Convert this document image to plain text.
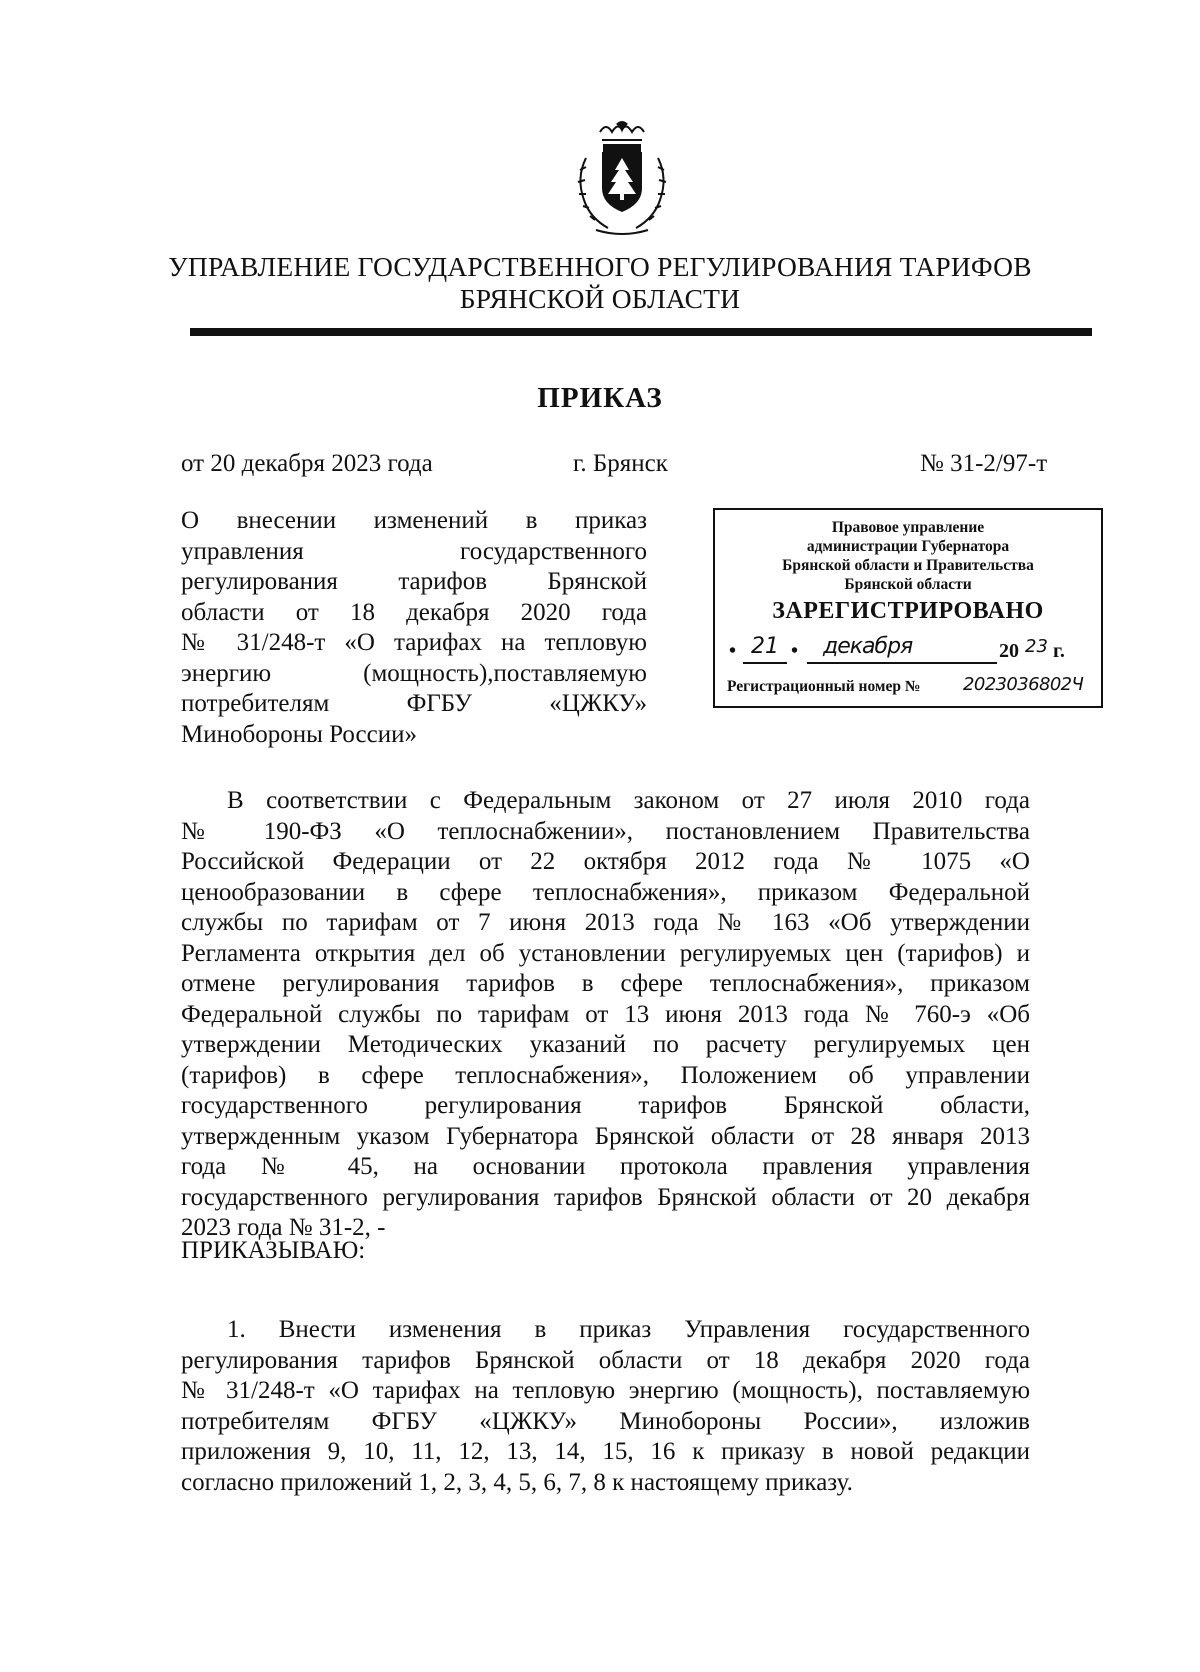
УПРАВЛЕНИЕ ГОСУДАРСТВЕННОГО РЕГУЛИРОВАНИЯ ТАРИФОВ
БРЯНСКОЙ ОБЛАСТИ
ПРИКАЗ
от 20 декабря 2023 года	г. Брянск	№ 31-2/97-т
О внесении изменений в приказ
управления государственного
регулирования тарифов Брянской
области от 18 декабря 2020 года
№ 31/248-т «О тарифах на тепловую
энергию (мощность),поставляемую
потребителям ФГБУ «ЦЖКУ»
Минобороны России»
Правовое управление
администрации Губернатора
Брянской области и Правительства
Брянской области
ЗАРЕГИСТРИРОВАНО
• 21 • декабря	20 23 г.
Регистрационный номер № 2023036802Ч
В соответствии с Федеральным законом от 27 июля 2010 года
№ 190-ФЗ «О теплоснабжении», постановлением Правительства
Российской Федерации от 22 октября 2012 года № 1075 «О
ценообразовании в сфере теплоснабжения», приказом Федеральной
службы по тарифам от 7 июня 2013 года № 163 «Об утверждении
Регламента открытия дел об установлении регулируемых цен (тарифов) и
отмене регулирования тарифов в сфере теплоснабжения», приказом
Федеральной службы по тарифам от 13 июня 2013 года № 760-э «Об
утверждении Методических указаний по расчету регулируемых цен
(тарифов) в сфере теплоснабжения», Положением об управлении
государственного регулирования тарифов Брянской области,
утвержденным указом Губернатора Брянской области от 28 января 2013
года № 45, на основании протокола правления управления
государственного регулирования тарифов Брянской области от 20 декабря
2023 года № 31-2, -
ПРИКАЗЫВАЮ:
1. Внести изменения в приказ Управления государственного
регулирования тарифов Брянской области от 18 декабря 2020 года
№ 31/248-т «О тарифах на тепловую энергию (мощность), поставляемую
потребителям ФГБУ «ЦЖКУ» Минобороны России», изложив
приложения 9, 10, 11, 12, 13, 14, 15, 16 к приказу в новой редакции
согласно приложений 1, 2, 3, 4, 5, 6, 7, 8 к настоящему приказу.
